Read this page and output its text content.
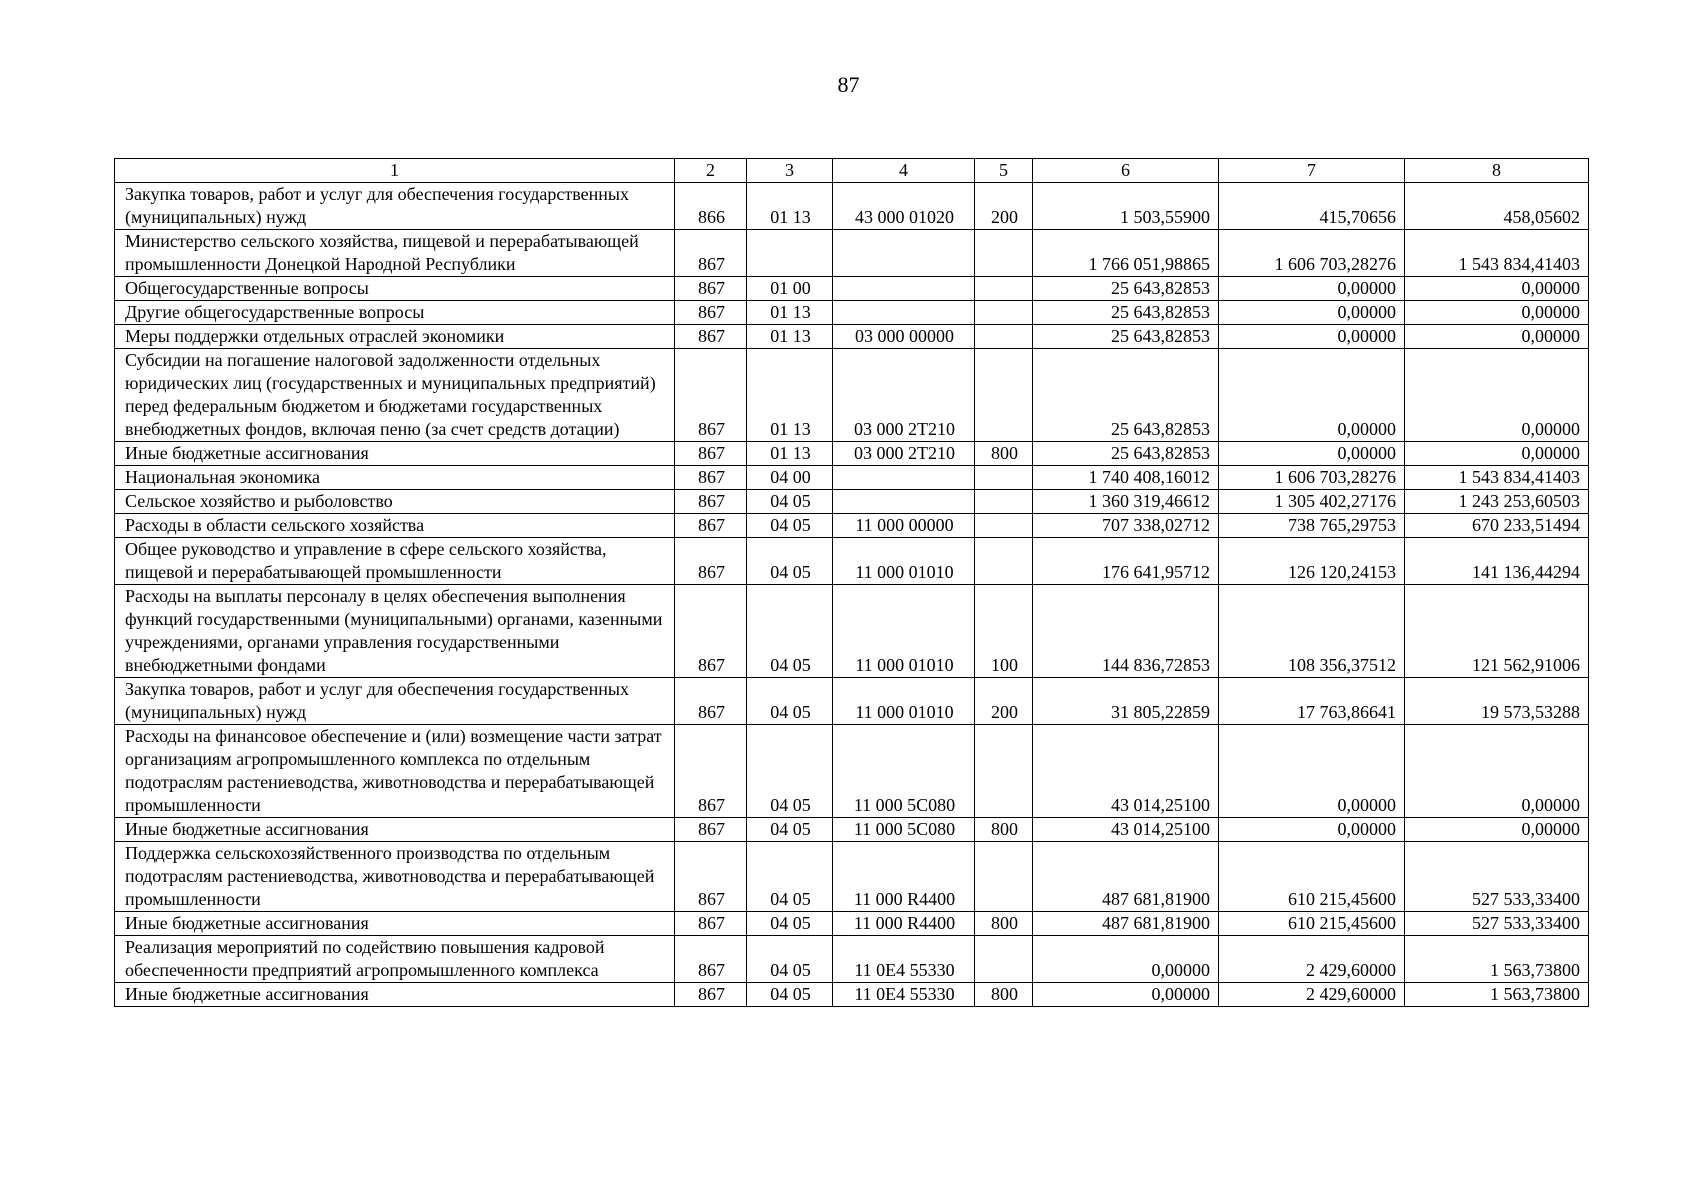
87
1	2	3	4	5	6	7	8
Закупка товаров, работ и услуг для обеспечения государственных (муниципальных) нужд	866	01 13	43 000 01020	200	1 503,55900	415,70656	458,05602
Министерство сельского хозяйства, пищевой и перерабатывающей промышленности Донецкой Народной Республики	867				1 766 051,98865	1 606 703,28276	1 543 834,41403
Общегосударственные вопросы	867	01 00			25 643,82853	0,00000	0,00000
Другие общегосударственные вопросы	867	01 13			25 643,82853	0,00000	0,00000
Меры поддержки отдельных отраслей экономики	867	01 13	03 000 00000		25 643,82853	0,00000	0,00000
Субсидии на погашение налоговой задолженности отдельных юридических лиц (государственных и муниципальных предприятий) перед федеральным бюджетом и бюджетами государственных внебюджетных фондов, включая пеню (за счет средств дотации)	867	01 13	03 000 2Т210		25 643,82853	0,00000	0,00000
Иные бюджетные ассигнования	867	01 13	03 000 2Т210	800	25 643,82853	0,00000	0,00000
Национальная экономика	867	04 00			1 740 408,16012	1 606 703,28276	1 543 834,41403
Сельское хозяйство и рыболовство	867	04 05			1 360 319,46612	1 305 402,27176	1 243 253,60503
Расходы в области сельского хозяйства	867	04 05	11 000 00000		707 338,02712	738 765,29753	670 233,51494
Общее руководство и управление в сфере сельского хозяйства, пищевой и перерабатывающей промышленности	867	04 05	11 000 01010		176 641,95712	126 120,24153	141 136,44294
Расходы на выплаты персоналу в целях обеспечения выполнения функций государственными (муниципальными) органами, казенными учреждениями, органами управления государственными внебюджетными фондами	867	04 05	11 000 01010	100	144 836,72853	108 356,37512	121 562,91006
Закупка товаров, работ и услуг для обеспечения государственных (муниципальных) нужд	867	04 05	11 000 01010	200	31 805,22859	17 763,86641	19 573,53288
Расходы на финансовое обеспечение и (или) возмещение части затрат организациям агропромышленного комплекса по отдельным подотраслям растениеводства, животноводства и перерабатывающей промышленности	867	04 05	11 000 5С080		43 014,25100	0,00000	0,00000
Иные бюджетные ассигнования	867	04 05	11 000 5С080	800	43 014,25100	0,00000	0,00000
Поддержка сельскохозяйственного производства по отдельным подотраслям растениеводства, животноводства и перерабатывающей промышленности	867	04 05	11 000 R4400		487 681,81900	610 215,45600	527 533,33400
Иные бюджетные ассигнования	867	04 05	11 000 R4400	800	487 681,81900	610 215,45600	527 533,33400
Реализация мероприятий по содействию повышения кадровой обеспеченности предприятий агропромышленного комплекса	867	04 05	11 0Е4 55330		0,00000	2 429,60000	1 563,73800
Иные бюджетные ассигнования	867	04 05	11 0Е4 55330	800	0,00000	2 429,60000	1 563,73800
